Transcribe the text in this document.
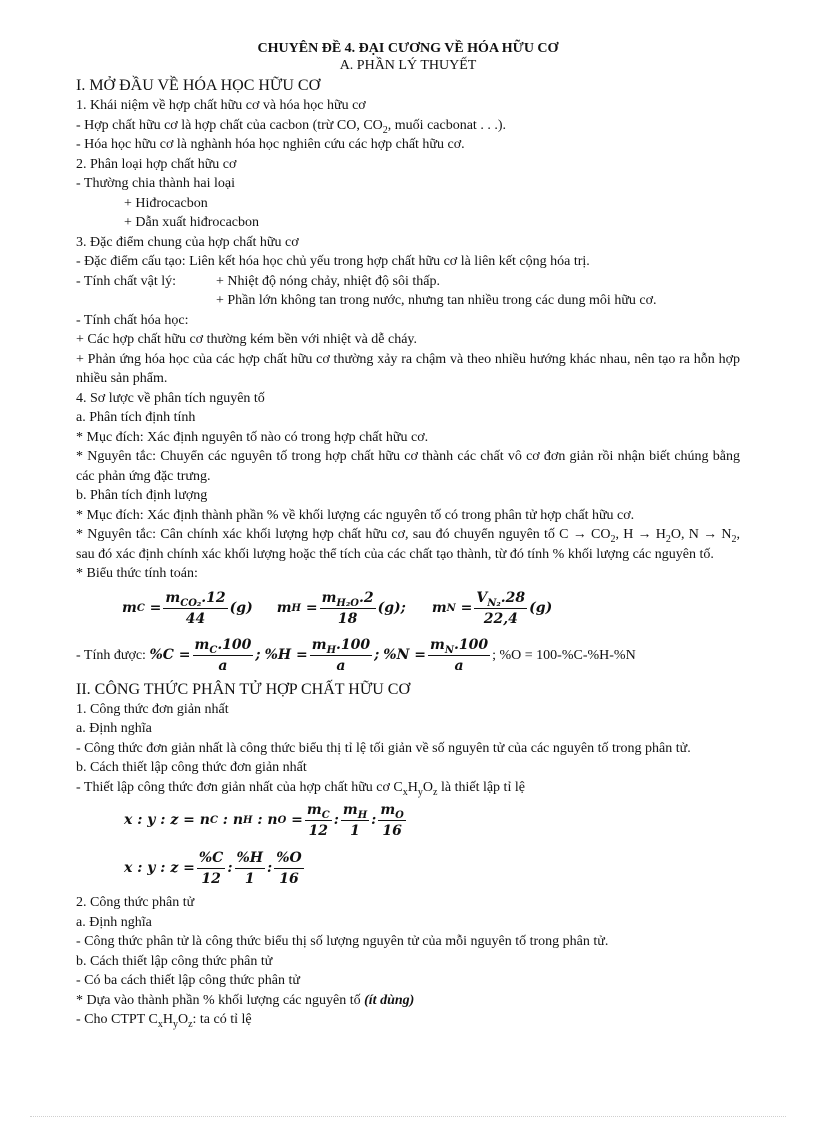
CHUYÊN ĐỀ 4. ĐẠI CƯƠNG VỀ HÓA HỮU CƠ
A. PHẦN LÝ THUYẾT
I. MỞ ĐẦU VỀ HÓA HỌC HỮU CƠ

1. Khái niệm về hợp chất hữu cơ và hóa học hữu cơ

- Hợp chất hữu cơ là hợp chất của cacbon (trừ CO, $CO_2$, muối cacbonat . . .).

- Hóa học hữu cơ là nghành hóa học nghiên cứu các hợp chất hữu cơ.

2. Phân loại hợp chất hữu cơ

- Thường chia thành hai loại

+ Hiđrocacbon

+ Dẫn xuất hiđrocacbon

3. Đặc điểm chung của hợp chất hữu cơ

- Đặc điểm cấu tạo: Liên kết hóa học chủ yếu trong hợp chất hữu cơ là liên kết cộng hóa trị.

- Tính chất vật lý:	+ Nhiệt độ nóng chảy, nhiệt độ sôi thấp.

+ Phần lớn không tan trong nước, nhưng tan nhiều trong các dung môi hữu cơ.

- Tính chất hóa học:

+ Các hợp chất hữu cơ thường kém bền với nhiệt và dễ cháy.

+ Phản ứng hóa học của các hợp chất hữu cơ thường xảy ra chậm và theo nhiều hướng khác nhau, nên tạo ra hỗn hợp nhiều sản phẩm.

4. Sơ lược về phân tích nguyên tố

a. Phân tích định tính

* Mục đích: Xác định nguyên tố nào có trong hợp chất hữu cơ.

* Nguyên tắc: Chuyển các nguyên tố trong hợp chất hữu cơ thành các chất vô cơ đơn giản rồi nhận biết chúng bằng các phản ứng đặc trưng.

b. Phân tích định lượng

* Mục đích: Xác định thành phần % về khối lượng các nguyên tố có trong phân tử hợp chất hữu cơ.

* Nguyên tắc: Cân chính xác khối lượng hợp chất hữu cơ, sau đó chuyển nguyên tố $C \to CO_2$, $H \to H_2O$, $N \to N_2$, sau đó xác định chính xác khối lượng hoặc thể tích của các chất tạo thành, từ đó tính % khối lượng các nguyên tố.

* Biểu thức tính toán:

m $C = \frac{m_{CO_2}.12}{44} (g)$ m $H = \frac{m_{H_2O}.2}{18} (g)$ ; m $N = \frac{V_{N_2}.28}{22,4} (g)$
- Tính được:
$\%C = \frac{m_C.100}{a}$ ; $\%H = \frac{m_H.100}{a}$ ; $\%N = \frac{m_N.100}{a}$ ; %O = 100-%C-%H-%N
II. CÔNG THỨC PHÂN TỬ HỢP CHẤT HỮU CƠ

1. Công thức đơn giản nhất

a. Định nghĩa

- Công thức đơn giản nhất là công thức biểu thị tỉ lệ tối giản về số nguyên tử của các nguyên tố trong phân tử.

b. Cách thiết lập công thức đơn giản nhất

- Thiết lập công thức đơn giản nhất của hợp chất hữu cơ $C_xH_yO_z$ là thiết lập tỉ lệ

x : y : z = n C : n H : n $O = \frac{m_C}{12}$ : $\frac{m_H}{1}$ : $\frac{m_O}{16}$
x : y : $z = \frac{\%C}{12}$ : $\frac{\%H}{1}$ : $\frac{\%O}{16}$

2. Công thức phân tử

a. Định nghĩa

- Công thức phân tử là công thức biểu thị số lượng nguyên tử của mỗi nguyên tố trong phân tử.

b. Cách thiết lập công thức phân tử

- Có ba cách thiết lập công thức phân tử

* Dựa vào thành phần % khối lượng các nguyên tố (ít dùng)

- Cho CTPT $C_xH_yO_z$: ta có tỉ lệ
